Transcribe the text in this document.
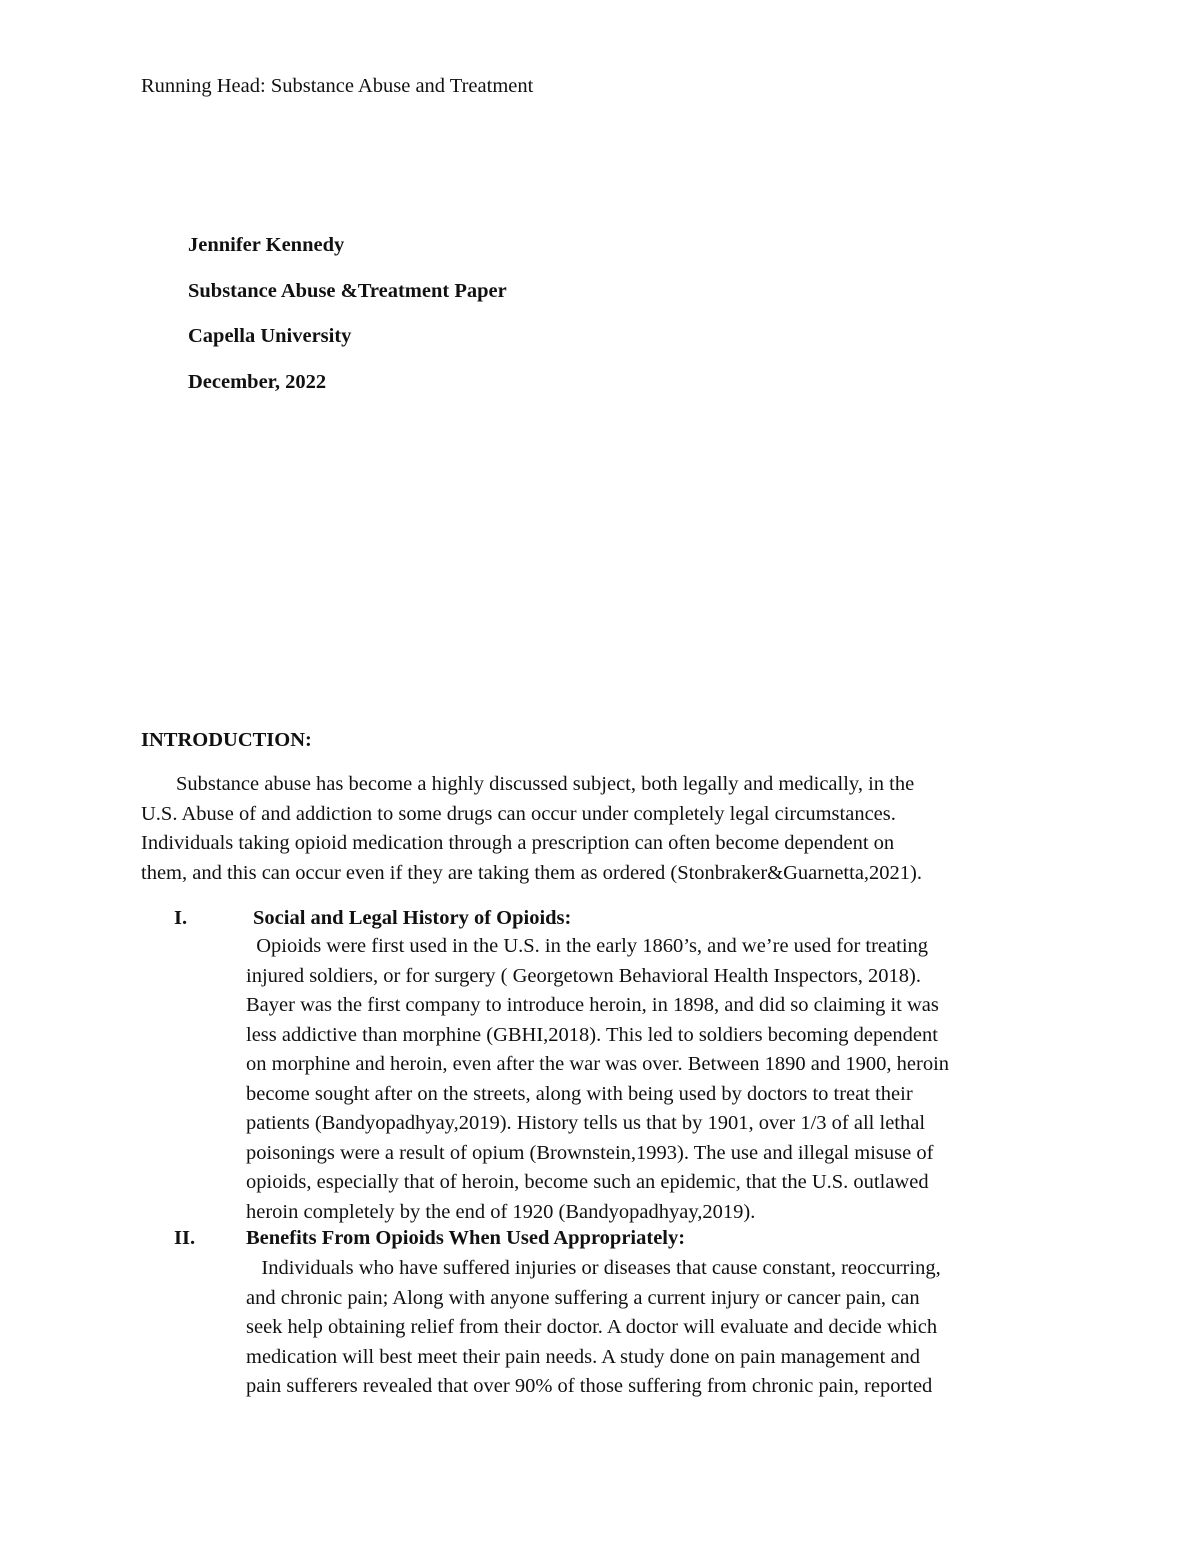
Running Head: Substance Abuse and Treatment
Jennifer Kennedy
Substance Abuse &Treatment Paper
Capella University
December, 2022
INTRODUCTION:
Substance abuse has become a highly discussed subject, both legally and medically, in the
U.S. Abuse of and addiction to some drugs can occur under completely legal circumstances.
Individuals taking opioid medication through a prescription can often become dependent on
them, and this can occur even if they are taking them as ordered (Stonbraker&Guarnetta,2021).
I.	Social and Legal History of Opioids:
Opioids were first used in the U.S. in the early 1860’s, and we’re used for treating
injured soldiers, or for surgery ( Georgetown Behavioral Health Inspectors, 2018).
Bayer was the first company to introduce heroin, in 1898, and did so claiming it was
less addictive than morphine (GBHI,2018). This led to soldiers becoming dependent
on morphine and heroin, even after the war was over. Between 1890 and 1900, heroin
become sought after on the streets, along with being used by doctors to treat their
patients (Bandyopadhyay,2019). History tells us that by 1901, over 1/3 of all lethal
poisonings were a result of opium (Brownstein,1993). The use and illegal misuse of
opioids, especially that of heroin, become such an epidemic, that the U.S. outlawed
heroin completely by the end of 1920 (Bandyopadhyay,2019).
II. Benefits From Opioids When Used Appropriately:
Individuals who have suffered injuries or diseases that cause constant, reoccurring,
and chronic pain; Along with anyone suffering a current injury or cancer pain, can
seek help obtaining relief from their doctor. A doctor will evaluate and decide which
medication will best meet their pain needs. A study done on pain management and
pain sufferers revealed that over 90% of those suffering from chronic pain, reported
